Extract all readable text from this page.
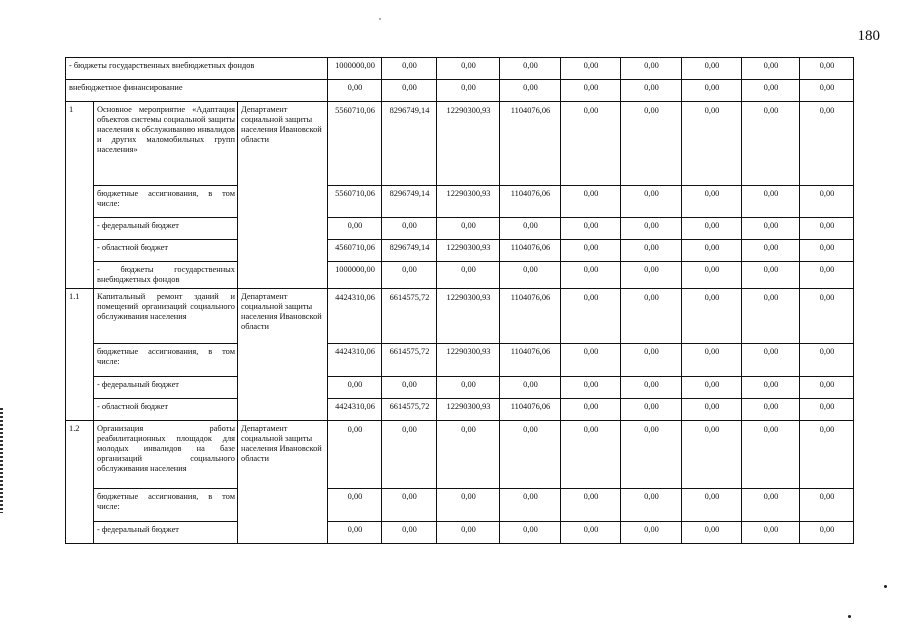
180
- бюджеты государственных внебюджетных фондов			1000000,00	0,00	0,00	0,00	0,00	0,00	0,00	0,00	0,00
внебюджетное финансирование			0,00	0,00	0,00	0,00	0,00	0,00	0,00	0,00	0,00
1	Основное мероприятие «Адаптация объектов системы социальной защиты населения к обслуживанию инвалидов и других маломобильных групп населения»	Департамент социальной защиты населения Ивановской области	5560710,06	8296749,14	12290300,93	1104076,06	0,00	0,00	0,00	0,00	0,00
	бюджетные ассигнования, в том числе:		5560710,06	8296749,14	12290300,93	1104076,06	0,00	0,00	0,00	0,00	0,00
	- федеральный бюджет		0,00	0,00	0,00	0,00	0,00	0,00	0,00	0,00	0,00
	- областной бюджет		4560710,06	8296749,14	12290300,93	1104076,06	0,00	0,00	0,00	0,00	0,00
	- бюджеты государственных внебюджетных фондов		1000000,00	0,00	0,00	0,00	0,00	0,00	0,00	0,00	0,00
1.1	Капитальный ремонт зданий и помещений организаций социального обслуживания населения	Департамент социальной защиты населения Ивановской области	4424310,06	6614575,72	12290300,93	1104076,06	0,00	0,00	0,00	0,00	0,00
	бюджетные ассигнования, в том числе:		4424310,06	6614575,72	12290300,93	1104076,06	0,00	0,00	0,00	0,00	0,00
	- федеральный бюджет		0,00	0,00	0,00	0,00	0,00	0,00	0,00	0,00	0,00
	- областной бюджет		4424310,06	6614575,72	12290300,93	1104076,06	0,00	0,00	0,00	0,00	0,00
1.2	Организация работы реабилитационных площадок для молодых инвалидов на базе организаций социального обслуживания населения	Департамент социальной защиты населения Ивановской области	0,00	0,00	0,00	0,00	0,00	0,00	0,00	0,00	0,00
	бюджетные ассигнования, в том числе:		0,00	0,00	0,00	0,00	0,00	0,00	0,00	0,00	0,00
	- федеральный бюджет		0,00	0,00	0,00	0,00	0,00	0,00	0,00	0,00	0,00
